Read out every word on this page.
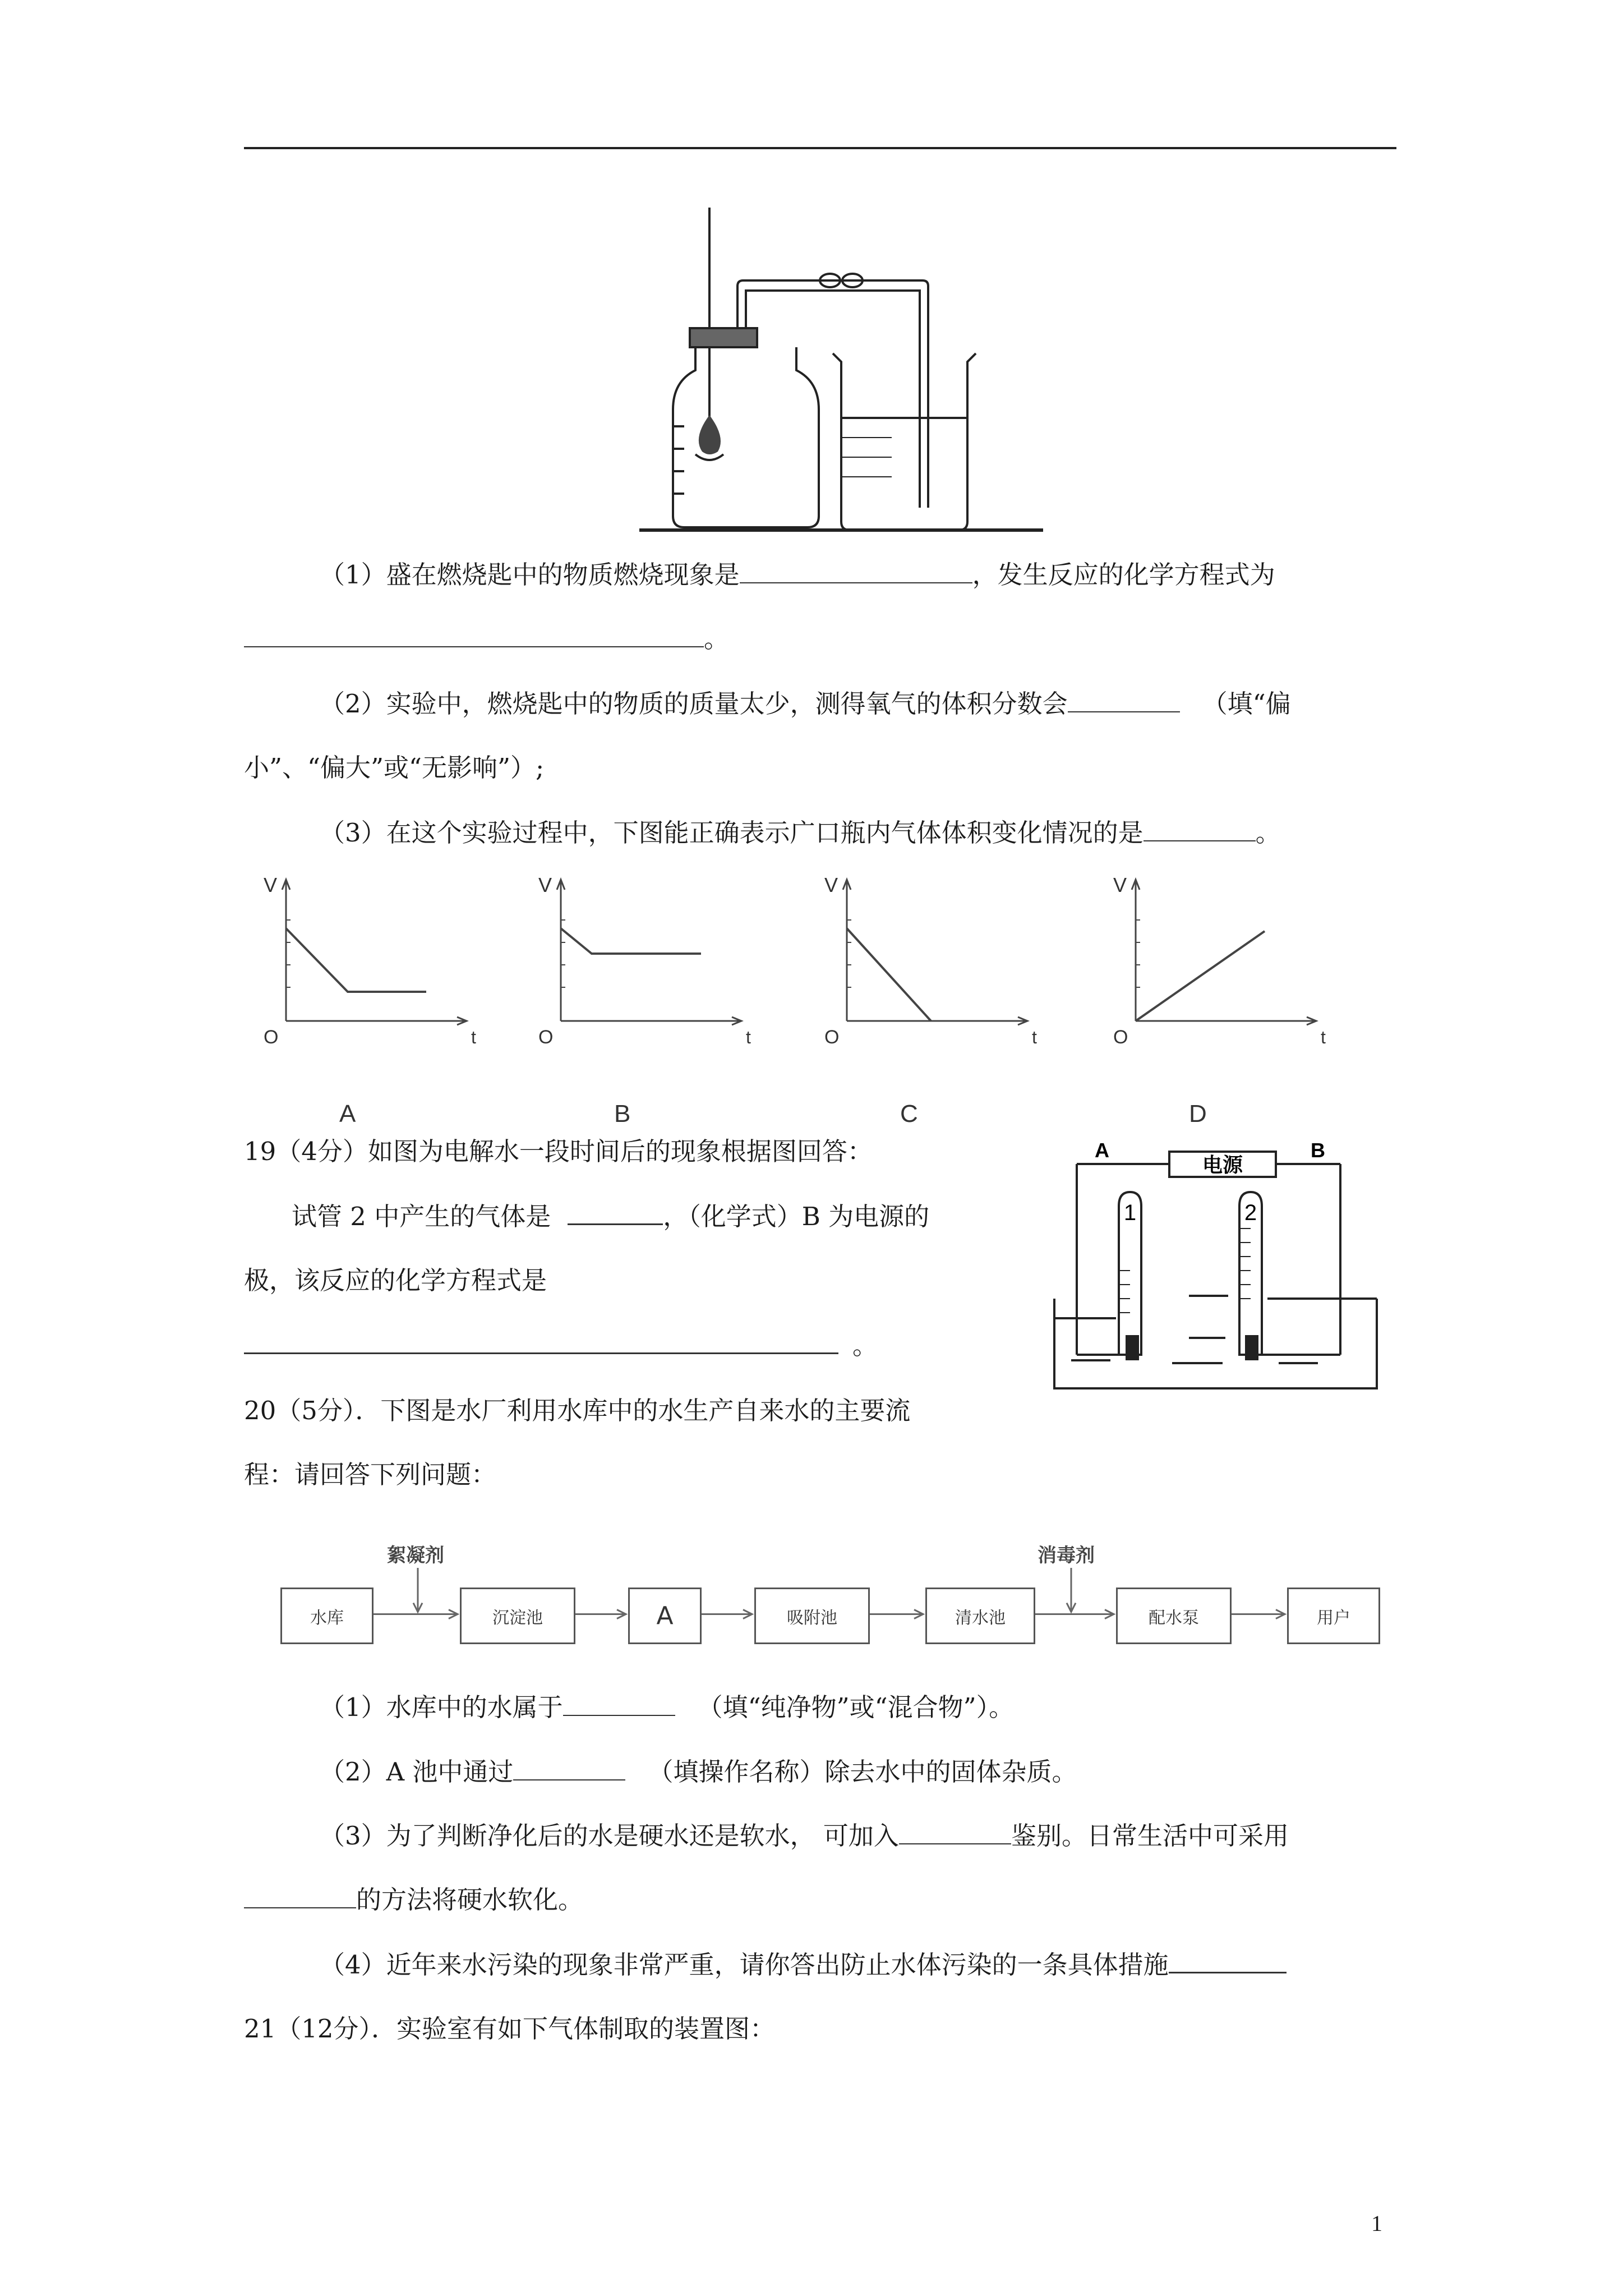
（1）盛在燃烧匙中的物质燃烧现象是	，发生反应的化学方程式为
。
（2）实验中，燃烧匙中的物质的质量太少，测得氧气的体积分数会	（填“偏
小”、“偏大”或“无影响”）;
（3）在这个实验过程中，下图能正确表示广口瓶内气体体积变化情况的是	。
V
t
O
A
V
t
O
B
V
t
O
C
V
t
O
D
19（4分）如图为电解水一段时间后的现象根据图回答：
试管 2 中产生的气体是	，（化学式）B 为电源的
极，该反应的化学方程式是
。
A	B
电源
1	2
20（5分）．下图是水厂利用水库中的水生产自来水的主要流
程：请回答下列问题：
水库	沉淀池	A	吸附池	清水池	配水泵	用户
絮凝剂	消毒剂
（1）水库中的水属于	（填“纯净物”或“混合物”）。
（2）A 池中通过	（填操作名称）除去水中的固体杂质。
（3）为了判断净化后的水是硬水还是软水， 可加入	鉴别。日常生活中可采用
的方法将硬水软化。
（4）近年来水污染的现象非常严重，请你答出防止水体污染的一条具体措施
21（12分）．实验室有如下气体制取的装置图：
1
